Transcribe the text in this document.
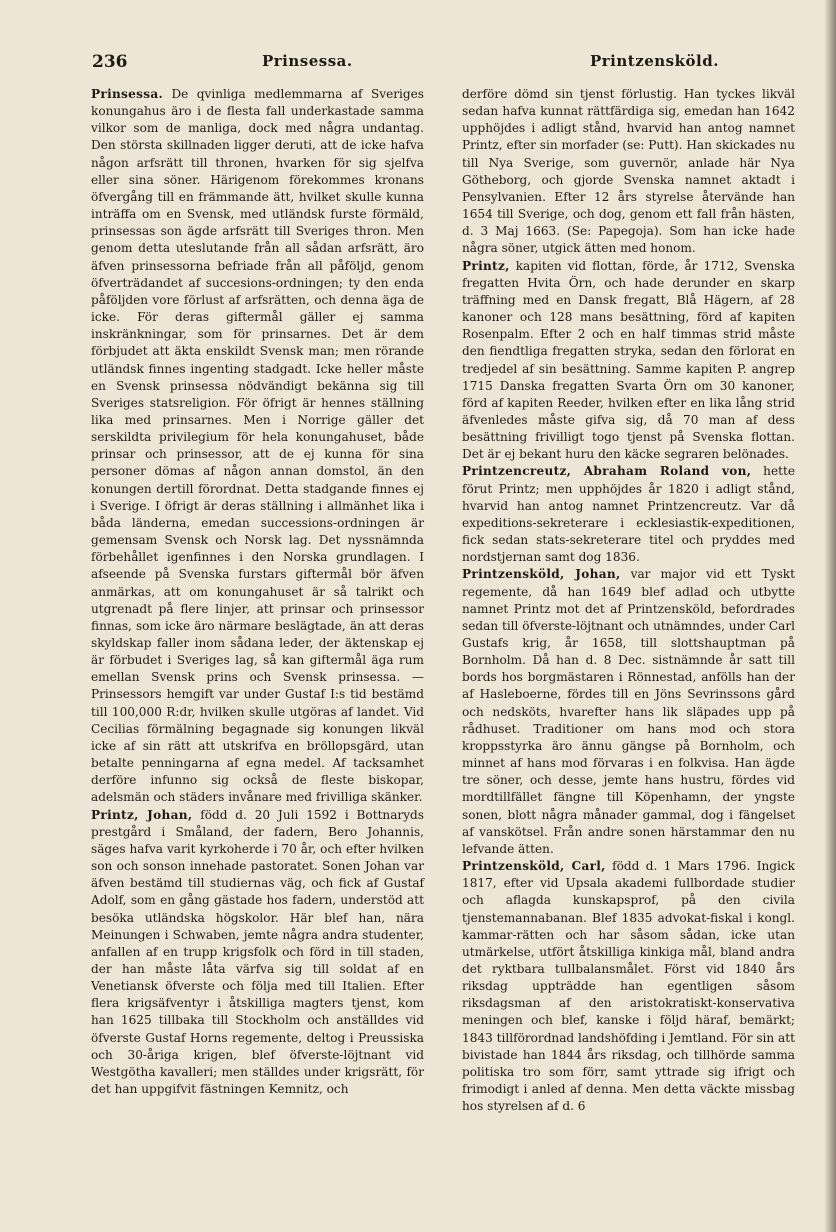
236	Prinsessa.	Printzensköld.

Prinsessa. De qvinliga medlemmarna af Sveriges konungahus äro i de flesta fall underkastade samma vilkor som de manliga, dock med några undantag. Den största skillnaden ligger deruti, att de icke hafva någon arfsrätt till thronen, hvarken för sig sjelfva eller sina söner. Härigenom förekommes kronans öfvergång till en främmande ätt, hvilket skulle kunna inträffa om en Svensk, med utländsk furste förmäld, prinsessas son ägde arfsrätt till Sveriges thron. Men genom detta uteslutande från all sådan arfsrätt, äro äfven prinsessorna befriade från all påföljd, genom öfverträdandet af succesions-ordningen; ty den enda påföljden vore förlust af arfsrätten, och denna äga de icke. För deras giftermål gäller ej samma inskränkningar, som för prinsarnes. Det är dem förbjudet att äkta enskildt Svensk man; men rörande utländsk finnes ingenting stadgadt. Icke heller måste en Svensk prinsessa nödvändigt bekänna sig till Sveriges statsreligion. För öfrigt är hennes ställning lika med prinsarnes. Men i Norrige gäller det serskildta privilegium för hela konungahuset, både prinsar och prinsessor, att de ej kunna för sina personer dömas af någon annan domstol, än den konungen dertill förordnat. Detta stadgande finnes ej i Sverige. I öfrigt är deras ställning i allmänhet lika i båda länderna, emedan successions-ordningen är gemensam Svensk och Norsk lag. Det nyssnämnda förbehållet igenfinnes i den Norska grundlagen. I afseende på Svenska furstars giftermål bör äfven anmärkas, att om konungahuset är så talrikt och utgrenadt på flere linjer, att prinsar och prinsessor finnas, som icke äro närmare beslägtade, än att deras skyldskap faller inom sådana leder, der äktenskap ej är förbudet i Sveriges lag, så kan giftermål äga rum emellan Svensk prins och Svensk prinsessa. — Prinsessors hemgift var under Gustaf I:s tid bestämd till 100,000 R:dr, hvilken skulle utgöras af landet. Vid Cecilias förmälning begagnade sig konungen likväl icke af sin rätt att utskrifva en bröllopsgärd, utan betalte penningarna af egna medel. Af tacksamhet derföre infunno sig också de fleste biskopar, adelsmän och städers invånare med frivilliga skänker.

Printz, Johan, född d. 20 Juli 1592 i Bottnaryds prestgård i Småland, der fadern, Bero Johannis, säges hafva varit kyrkoherde i 70 år, och efter hvilken son och sonson innehade pastoratet. Sonen Johan var äfven bestämd till studiernas väg, och fick af Gustaf Adolf, som en gång gästade hos fadern, understöd att besöka utländska högskolor. Här blef han, nära Meinungen i Schwaben, jemte några andra studenter, anfallen af en trupp krigsfolk och förd in till staden, der han måste låta värfva sig till soldat af en Venetiansk öfverste och följa med till Italien. Efter flera krigsäfventyr i åtskilliga magters tjenst, kom han 1625 tillbaka till Stockholm och anställdes vid öfverste Gustaf Horns regemente, deltog i Preussiska och 30-åriga krigen, blef öfverste-löjtnant vid Westgötha kavalleri; men ställdes under krigsrätt, för det han uppgifvit fästningen Kemnitz, och

derföre dömd sin tjenst förlustig. Han tyckes likväl sedan hafva kunnat rättfärdiga sig, emedan han 1642 upphöjdes i adligt stånd, hvarvid han antog namnet Printz, efter sin morfader (se: Putt). Han skickades nu till Nya Sverige, som guvernör, anlade här Nya Götheborg, och gjorde Svenska namnet aktadt i Pensylvanien. Efter 12 års styrelse återvände han 1654 till Sverige, och dog, genom ett fall från hästen, d. 3 Maj 1663. (Se: Papegoja). Som han icke hade några söner, utgick ätten med honom.

Printz, kapiten vid flottan, förde, år 1712, Svenska fregatten Hvita Örn, och hade derunder en skarp träffning med en Dansk fregatt, Blå Hägern, af 28 kanoner och 128 mans besättning, förd af kapiten Rosenpalm. Efter 2 och en half timmas strid måste den fiendtliga fregatten stryka, sedan den förlorat en tredjedel af sin besättning. Samme kapiten P. angrep 1715 Danska fregatten Svarta Örn om 30 kanoner, förd af kapiten Reeder, hvilken efter en lika lång strid äfvenledes måste gifva sig, då 70 man af dess besättning frivilligt togo tjenst på Svenska flottan. Det är ej bekant huru den käcke segraren belönades.

Printzencreutz, Abraham Roland von, hette förut Printz; men upphöjdes år 1820 i adligt stånd, hvarvid han antog namnet Printzencreutz. Var då expeditions-sekreterare i ecklesiastik-expeditionen, fick sedan stats-sekreterare titel och pryddes med nordstjernan samt dog 1836.

Printzensköld, Johan, var major vid ett Tyskt regemente, då han 1649 blef adlad och utbytte namnet Printz mot det af Printzensköld, befordrades sedan till öfverste-löjtnant och utnämndes, under Carl Gustafs krig, år 1658, till slottshauptman på Bornholm. Då han d. 8 Dec. sistnämnde år satt till bords hos borgmästaren i Rönnestad, anfölls han der af Hasleboerne, fördes till en Jöns Sevrinssons gård och nedsköts, hvarefter hans lik släpades upp på rådhuset. Traditioner om hans mod och stora kroppsstyrka äro ännu gängse på Bornholm, och minnet af hans mod förvaras i en folkvisa. Han ägde tre söner, och desse, jemte hans hustru, fördes vid mordtillfället fängne till Köpenhamn, der yngste sonen, blott några månader gammal, dog i fängelset af vanskötsel. Från andre sonen härstammar den nu lefvande ätten.

Printzensköld, Carl, född d. 1 Mars 1796. Ingick 1817, efter vid Upsala akademi fullbordade studier och aflagda kunskapsprof, på den civila tjenstemannabanan. Blef 1835 advokat-fiskal i kongl. kammar-rätten och har såsom sådan, icke utan utmärkelse, utfört åtskilliga kinkiga mål, bland andra det ryktbara tullbalansmålet. Först vid 1840 års riksdag uppträdde han egentligen såsom riksdagsman af den aristokratiskt-konservativa meningen och blef, kanske i följd häraf, bemärkt; 1843 tillförordnad landshöfding i Jemtland. För sin att bivistade han 1844 års riksdag, och tillhörde samma politiska tro som förr, samt yttrade sig ifrigt och frimodigt i anled af denna. Men detta väckte missbag hos styrelsen af d. 6
